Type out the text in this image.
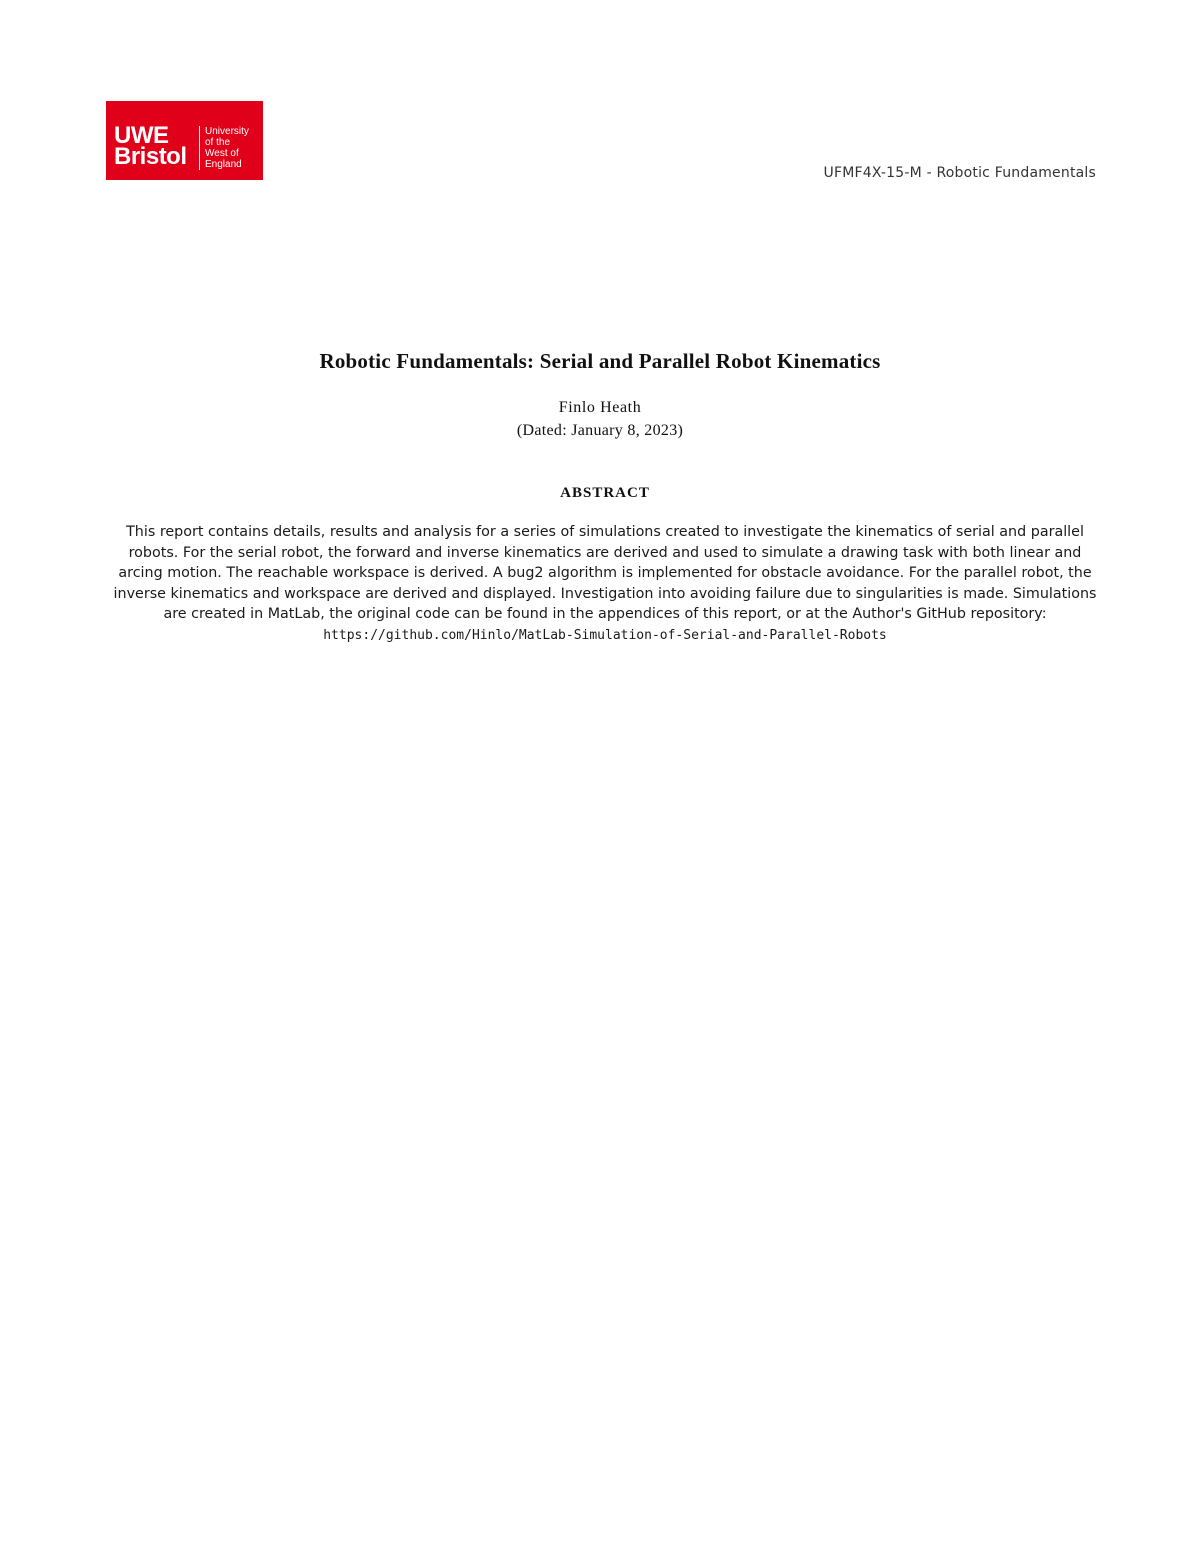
UWE
Bristol
University
of the
West of
England
UFMF4X-15-M - Robotic Fundamentals
Robotic Fundamentals: Serial and Parallel Robot Kinematics
Finlo Heath
(Dated: January 8, 2023)
ABSTRACT
This report contains details, results and analysis for a series of simulations created to investigate the kinematics of serial and parallel robots. For the serial robot, the forward and inverse kinematics are derived and used to simulate a drawing task with both linear and arcing motion. The reachable workspace is derived. A bug2 algorithm is implemented for obstacle avoidance. For the parallel robot, the inverse kinematics and workspace are derived and displayed. Investigation into avoiding failure due to singularities is made. Simulations are created in MatLab, the original code can be found in the appendices of this report, or at the Author's GitHub repository: https://github.com/Hinlo/MatLab-Simulation-of-Serial-and-Parallel-Robots
